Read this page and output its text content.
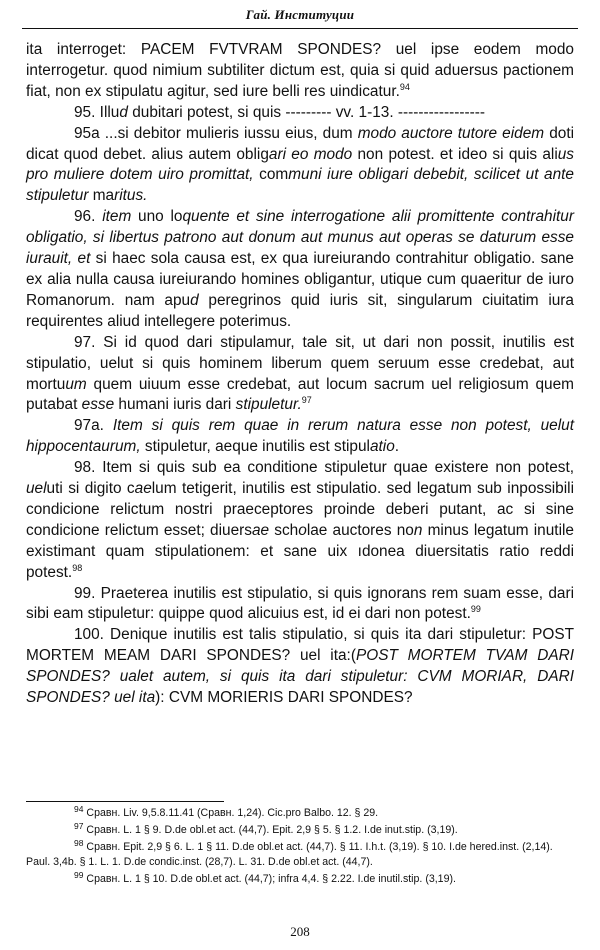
Гай. Институции

ita interroget: PACEM FVTVRAM SPONDES? uel ipse eodem modo interrogetur. quod nimium subtiliter dictum est, quia si quid aduersus pactionem fiat, non ex stipulatu agitur, sed iure belli res uindicatur.$^{94}$

95. Illud dubitari potest, si quis --------- vv. 1-13. -----------------

95a ...si debitor mulieris iussu eius, dum modo auctore tutore eidem doti dicat quod debet. alius autem obligari eo modo non potest. et ideo si quis alius pro muliere dotem uiro promittat, communi iure obligari debebit, scilicet ut ante stipuletur maritus.

96. item uno loquente et sine interrogatione alii promittente contrahitur obligatio, si libertus patrono aut donum aut munus aut operas se daturum esse iurauit, et si haec sola causa est, ex qua iureiurando contrahitur obligatio. sane ex alia nulla causa iureiurando homines obligantur, utique cum quaeritur de iuro Romanorum. nam apud peregrinos quid iuris sit, singularum ciuitatim iura requirentes aliud intellegere poterimus.

97. Si id quod dari stipulamur, tale sit, ut dari non possit, inutilis est stipulatio, uelut si quis hominem liberum quem seruum esse credebat, aut mortuum quem uiuum esse credebat, aut locum sacrum uel religiosum quem putabat esse humani iuris dari stipuletur.$^{97}$

97a. Item si quis rem quae in rerum natura esse non potest, uelut hippocentaurum, stipuletur, aeque inutilis est stipulatio.

98. Item si quis sub ea conditione stipuletur quae existere non potest, ueluti si digito caelum tetigerit, inutilis est stipulatio. sed legatum sub inpossibili condicione relictum nostri praeceptores proinde deberi putant, ac si sine condicione relictum esset; diuersae scholae auctores non minus legatum inutile existimant quam stipulationem: et sane uix ıdonea diuersitatis ratio reddi potest.$^{98}$

99. Praeterea inutilis est stipulatio, si quis ignorans rem suam esse, dari sibi eam stipuletur: quippe quod alicuius est, id ei dari non potest.$^{99}$

100. Denique inutilis est talis stipulatio, si quis ita dari stipuletur: POST MORTEM MEAM DARI SPONDES? uel ita:(POST MORTEM TVAM DARI SPONDES? ualet autem, si quis ita dari stipuletur: CVM MORIAR, DARI SPONDES? uel ita): CVM MORIERIS DARI SPONDES?

$^{94}$ Сравн. Liv. 9,5.8.11.41 (Сравн. 1,24). Cic.pro Balbo. 12. § 29.

$^{97}$ Сравн. L. 1 § 9. D.de obl.et act. (44,7). Epit. 2,9 § 5. § 1.2. I.de inut.stip. (3,19).

$^{98}$ Сравн. Epit. 2,9 § 6. L. 1 § 11. D.de obl.et act. (44,7). § 11. I.h.t. (3,19). § 10. I.de hered.inst. (2,14). Paul. 3,4b. § 1. L. 1. D.de condic.inst. (28,7). L. 31. D.de obl.et act. (44,7).

$^{99}$ Сравн. L. 1 § 10. D.de obl.et act. (44,7); infra 4,4. § 2.22. I.de inutil.stip. (3,19).

208
